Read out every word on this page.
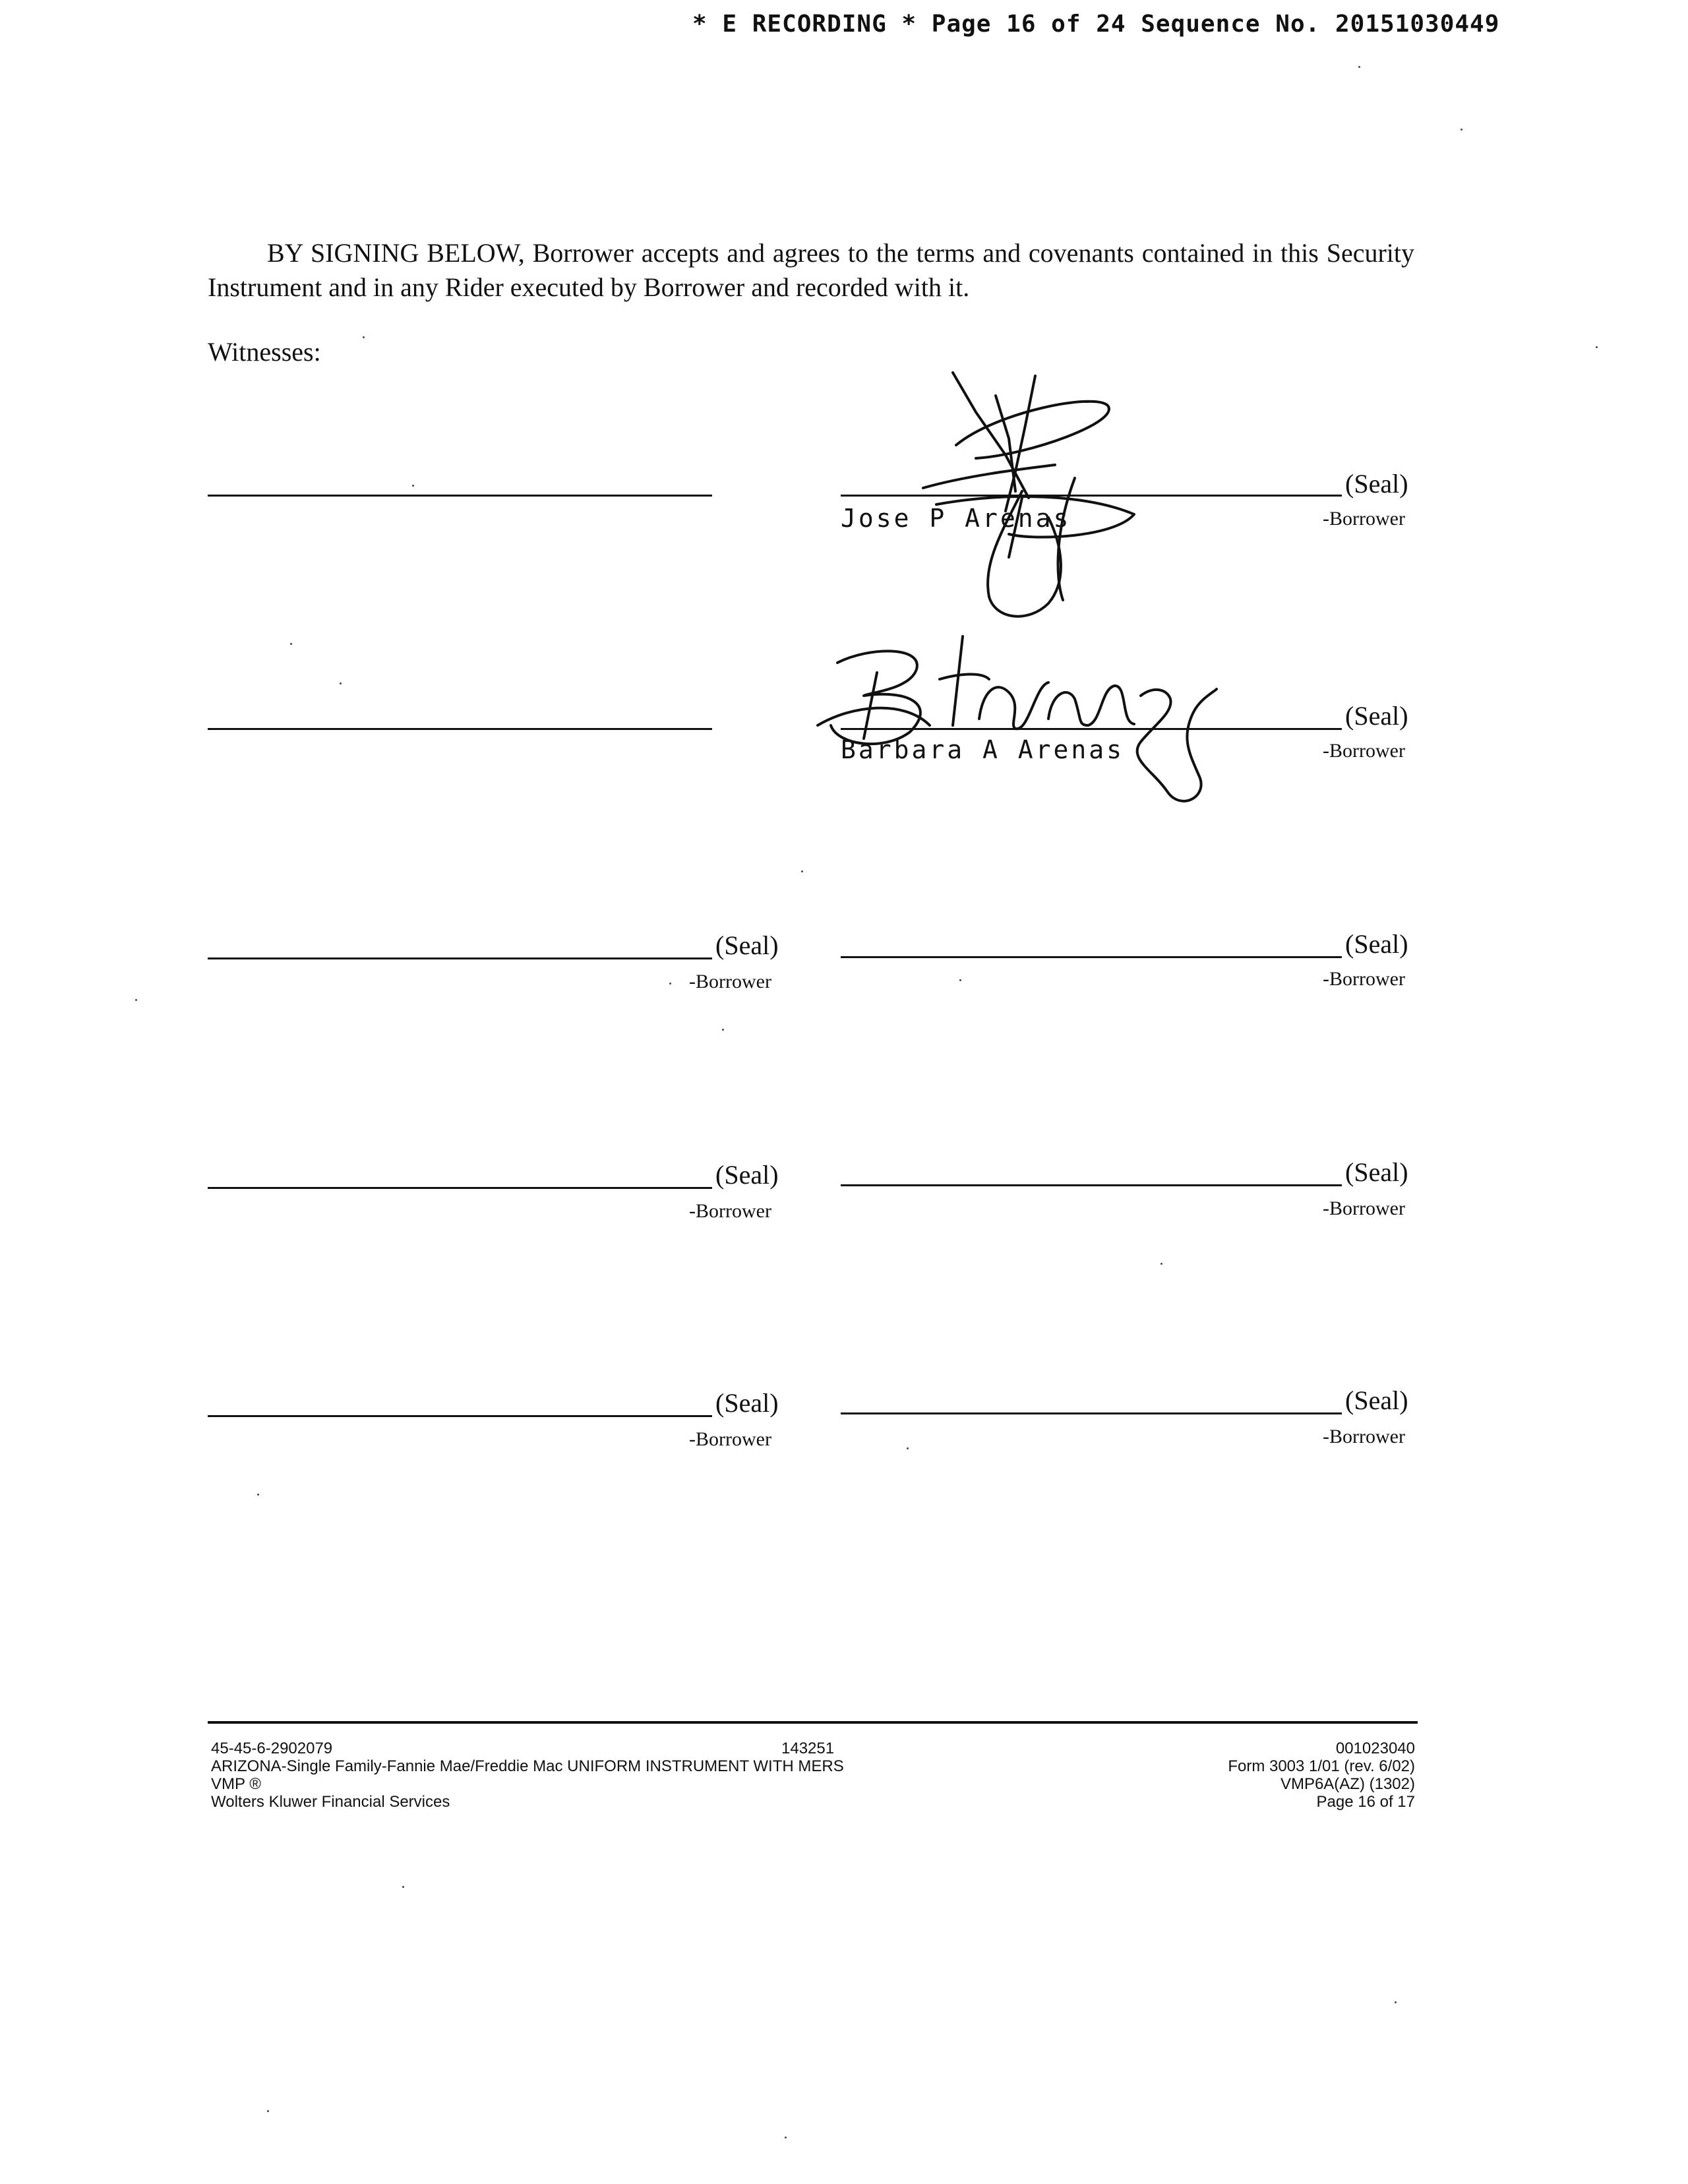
* E RECORDING * Page 16 of 24 Sequence No. 20151030449
BY SIGNING BELOW, Borrower accepts and agrees to the terms and covenants contained in this Security Instrument and in any Rider executed by Borrower and recorded with it.
Witnesses:
(Seal)
-Borrower
Jose P Arenas
(Seal)
-Borrower
Barbara A Arenas
(Seal)
-Borrower
(Seal)
-Borrower
(Seal)
-Borrower
(Seal)
-Borrower
(Seal)
-Borrower
(Seal)
-Borrower
45-45-6-2902079
ARIZONA-Single Family-Fannie Mae/Freddie Mac UNIFORM INSTRUMENT WITH MERS
VMP ®
Wolters Kluwer Financial Services
143251	001023040
Form 3003 1/01 (rev. 6/02)
VMP6A(AZ) (1302)
Page 16 of 17
